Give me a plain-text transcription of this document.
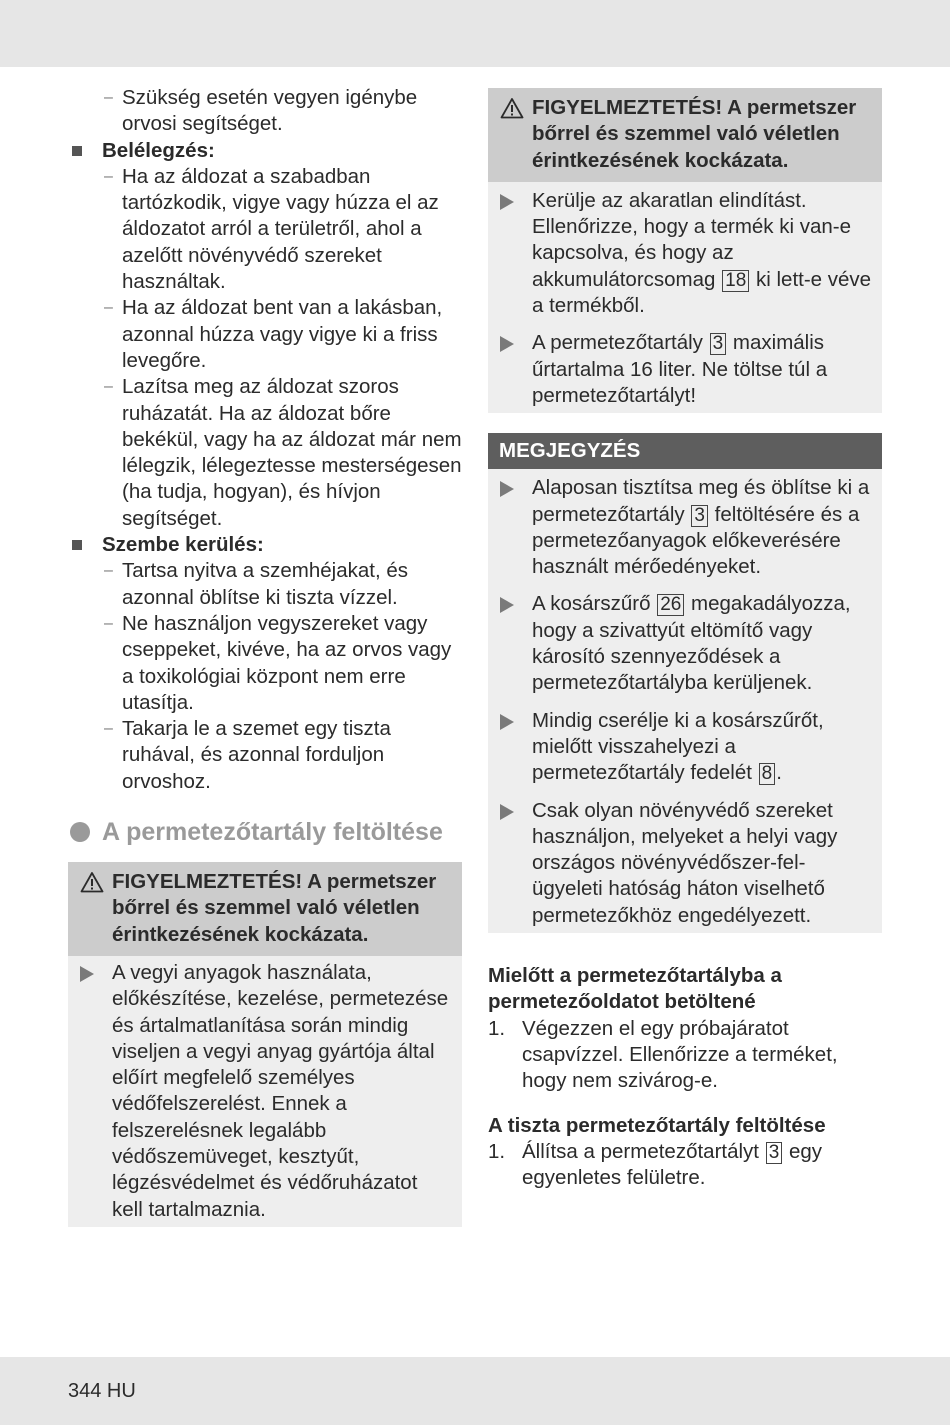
– Szükség esetén vegyen igénybe orvosi segítséget.
Belélegzés:
– Ha az áldozat a szabadban tartózkodik, vigye vagy húzza el az áldozatot arról a területről, ahol a azelőtt növényvédő szereket használtak.
– Ha az áldozat bent van a lakásban, azonnal húzza vagy vigye ki a friss levegőre.
– Lazítsa meg az áldozat szoros ruházatát. Ha az áldozat bőre bekékül, vagy ha az áldozat már nem lélegzik, lélegeztesse mesterségesen (ha tudja, hogyan), és hívjon segítséget.
Szembe kerülés:
– Tartsa nyitva a szemhéjakat, és azonnal öblítse ki tiszta vízzel.
– Ne használjon vegyszereket vagy cseppeket, kivéve, ha az orvos vagy a toxikológiai központ nem erre utasítja.
– Takarja le a szemet egy tiszta ruhával, és azonnal forduljon orvoshoz.
A permetezőtartály feltöltése
FIGYELMEZTETÉS! A permetszer bőrrel és szemmel való véletlen érintkezésének kockázata.
A vegyi anyagok használata, előkészítése, kezelése, permetezése és ártalmatlanítása során mindig viseljen a vegyi anyag gyártója által előírt megfelelő személyes védőfelszerelést. Ennek a felszerelésnek legalább védőszemüveget, kesztyűt, légzésvédelmet és védőruházatot kell tartalmaznia.
FIGYELMEZTETÉS! A permetszer bőrrel és szemmel való véletlen érintkezésének kockázata.
Kerülje az akaratlan elindítást. Ellenőrizze, hogy a termék ki van-e kapcsolva, és hogy az akkumulátorcsomag 18 ki lett-e véve a termékből.
A permetezőtartály 3 maximális űrtartalma 16 liter. Ne töltse túl a permetezőtartályt!
MEGJEGYZÉS
Alaposan tisztítsa meg és öblítse ki a permetezőtartály 3 feltöltésére és a permetezőanyagok előkeverésére használt mérőedényeket.
A kosárszűrő 26 megakadályozza, hogy a szivattyút eltömítő vagy károsító szennyeződések a permetezőtartályba kerüljenek.
Mindig cserélje ki a kosárszűrőt, mielőtt visszahelyezi a permetezőtartály fedelét 8 .
Csak olyan növényvédő szereket használjon, melyeket a helyi vagy országos növényvédőszer-fel-ügyeleti hatóság háton viselhető permetezőkhöz engedélyezett.
Mielőtt a permetezőtartályba a permetezőoldatot betöltené
1. Végezzen el egy próbajáratot csapvízzel. Ellenőrizze a terméket, hogy nem szivárog-e.
A tiszta permetezőtartály feltöltése
1. Állítsa a permetezőtartályt 3 egy egyenletes felületre.
344 HU
